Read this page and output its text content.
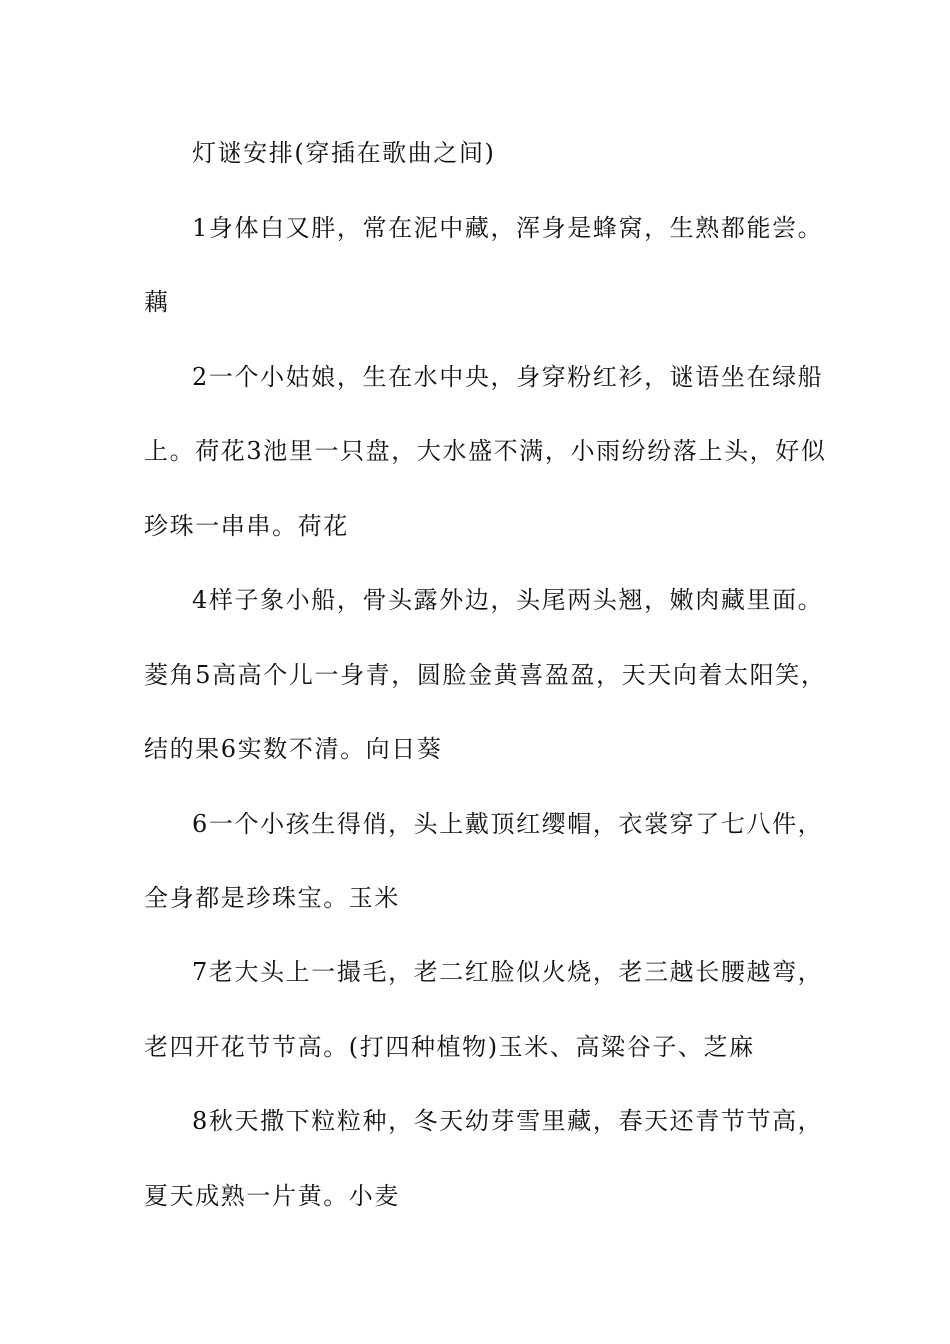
灯谜安排(穿插在歌曲之间)
1身体白又胖，常在泥中藏，浑身是蜂窝，生熟都能尝。
藕
2一个小姑娘，生在水中央，身穿粉红衫，谜语坐在绿船
上。荷花3池里一只盘，大水盛不满，小雨纷纷落上头，好似
珍珠一串串。荷花
4样子象小船，骨头露外边，头尾两头翘，嫩肉藏里面。
菱角5高高个儿一身青，圆脸金黄喜盈盈，天天向着太阳笑，
结的果6实数不清。向日葵
6一个小孩生得俏，头上戴顶红缨帽，衣裳穿了七八件，
全身都是珍珠宝。玉米
7老大头上一撮毛，老二红脸似火烧，老三越长腰越弯，
老四开花节节高。(打四种植物)玉米、高粱谷子、芝麻
8秋天撒下粒粒种，冬天幼芽雪里藏，春天还青节节高，
夏天成熟一片黄。小麦
